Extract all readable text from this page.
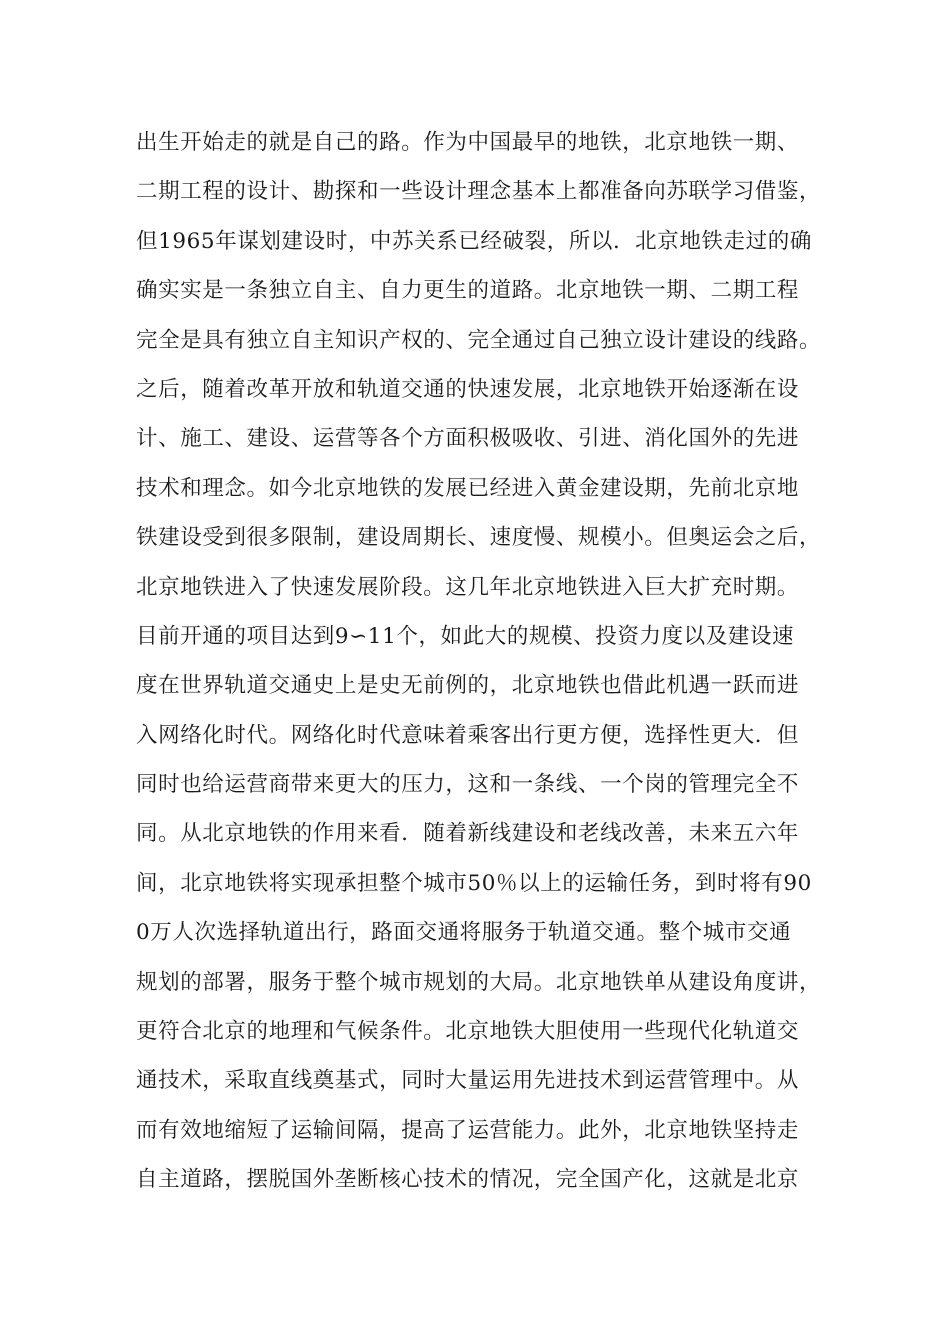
出生开始走的就是自己的路。作为中国最早的地铁，北京地铁一期、
二期工程的设计、勘探和一些设计理念基本上都准备向苏联学习借鉴，
但1965年谋划建设时，中苏关系已经破裂，所以．北京地铁走过的确
确实实是一条独立自主、自力更生的道路。北京地铁一期、二期工程
完全是具有独立自主知识产权的、完全通过自己独立设计建设的线路。
之后，随着改革开放和轨道交通的快速发展，北京地铁开始逐渐在设
计、施工、建设、运营等各个方面积极吸收、引进、消化国外的先进
技术和理念。如今北京地铁的发展已经进入黄金建设期，先前北京地
铁建设受到很多限制，建设周期长、速度慢、规模小。但奥运会之后，
北京地铁进入了快速发展阶段。这几年北京地铁进入巨大扩充时期。
目前开通的项目达到9∽11个，如此大的规模、投资力度以及建设速
度在世界轨道交通史上是史无前例的，北京地铁也借此机遇一跃而进
入网络化时代。网络化时代意味着乘客出行更方便，选择性更大．但
同时也给运营商带来更大的压力，这和一条线、一个岗的管理完全不
同。从北京地铁的作用来看．随着新线建设和老线改善，未来五六年
间，北京地铁将实现承担整个城市50％以上的运输任务，到时将有90
0万人次选择轨道出行，路面交通将服务于轨道交通。整个城市交通
规划的部署，服务于整个城市规划的大局。北京地铁单从建设角度讲，
更符合北京的地理和气候条件。北京地铁大胆使用一些现代化轨道交
通技术，采取直线奠基式，同时大量运用先进技术到运营管理中。从
而有效地缩短了运输间隔，提高了运营能力。此外，北京地铁坚持走
自主道路，摆脱国外垄断核心技术的情况，完全国产化，这就是北京
